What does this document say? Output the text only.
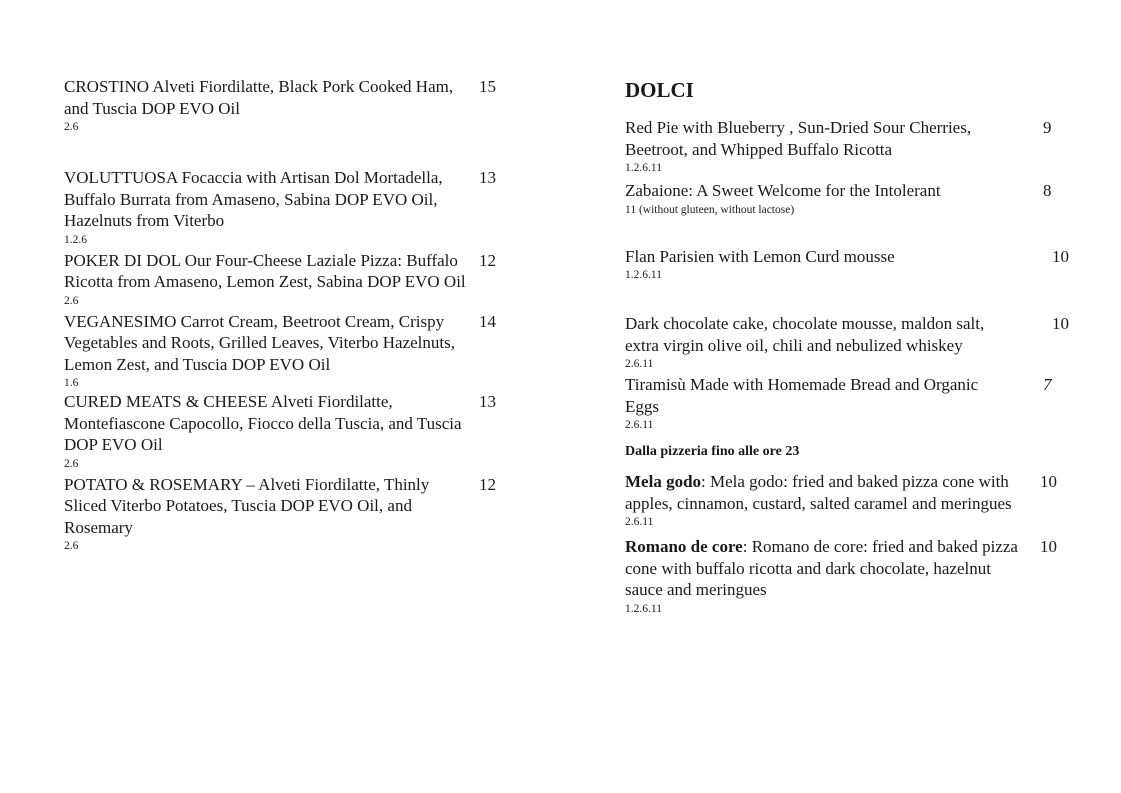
CROSTINO Alveti Fiordilatte, Black Pork Cooked Ham, and Tuscia DOP EVO Oil
15
2.6
VOLUTTUOSA Focaccia with Artisan Dol Mortadella, Buffalo Burrata from Amaseno, Sabina DOP EVO Oil, Hazelnuts from Viterbo
13
1.2.6
POKER DI DOL Our Four-Cheese Laziale Pizza: Buffalo Ricotta from Amaseno, Lemon Zest, Sabina DOP EVO Oil
12
2.6
VEGANESIMO Carrot Cream, Beetroot Cream, Crispy Vegetables and Roots, Grilled Leaves, Viterbo Hazelnuts, Lemon Zest, and Tuscia DOP EVO Oil
14
1.6
CURED MEATS & CHEESE Alveti Fiordilatte, Montefiascone Capocollo, Fiocco della Tuscia, and Tuscia DOP EVO Oil
13
2.6
POTATO & ROSEMARY – Alveti Fiordilatte, Thinly Sliced Viterbo Potatoes, Tuscia DOP EVO Oil, and Rosemary
12
2.6
DOLCI
Red Pie with Blueberry , Sun-Dried Sour Cherries, Beetroot, and Whipped Buffalo Ricotta
9
1.2.6.11
Zabaione: A Sweet Welcome for the Intolerant	8
11 (without gluteen, without lactose)
Flan Parisien with Lemon Curd mousse	10
1.2.6.11
Dark chocolate cake, chocolate mousse, maldon salt, extra virgin olive oil, chili and nebulized whiskey
10
2.6.11
Tiramisù Made with Homemade Bread and Organic Eggs
7
2.6.11
Dalla pizzeria fino alle ore 23
Mela godo: Mela godo: fried and baked pizza cone with apples, cinnamon, custard, salted caramel and meringues
10
2.6.11
Romano de core: Romano de core: fried and baked pizza cone with buffalo ricotta and dark chocolate, hazelnut sauce and meringues
10
1.2.6.11
